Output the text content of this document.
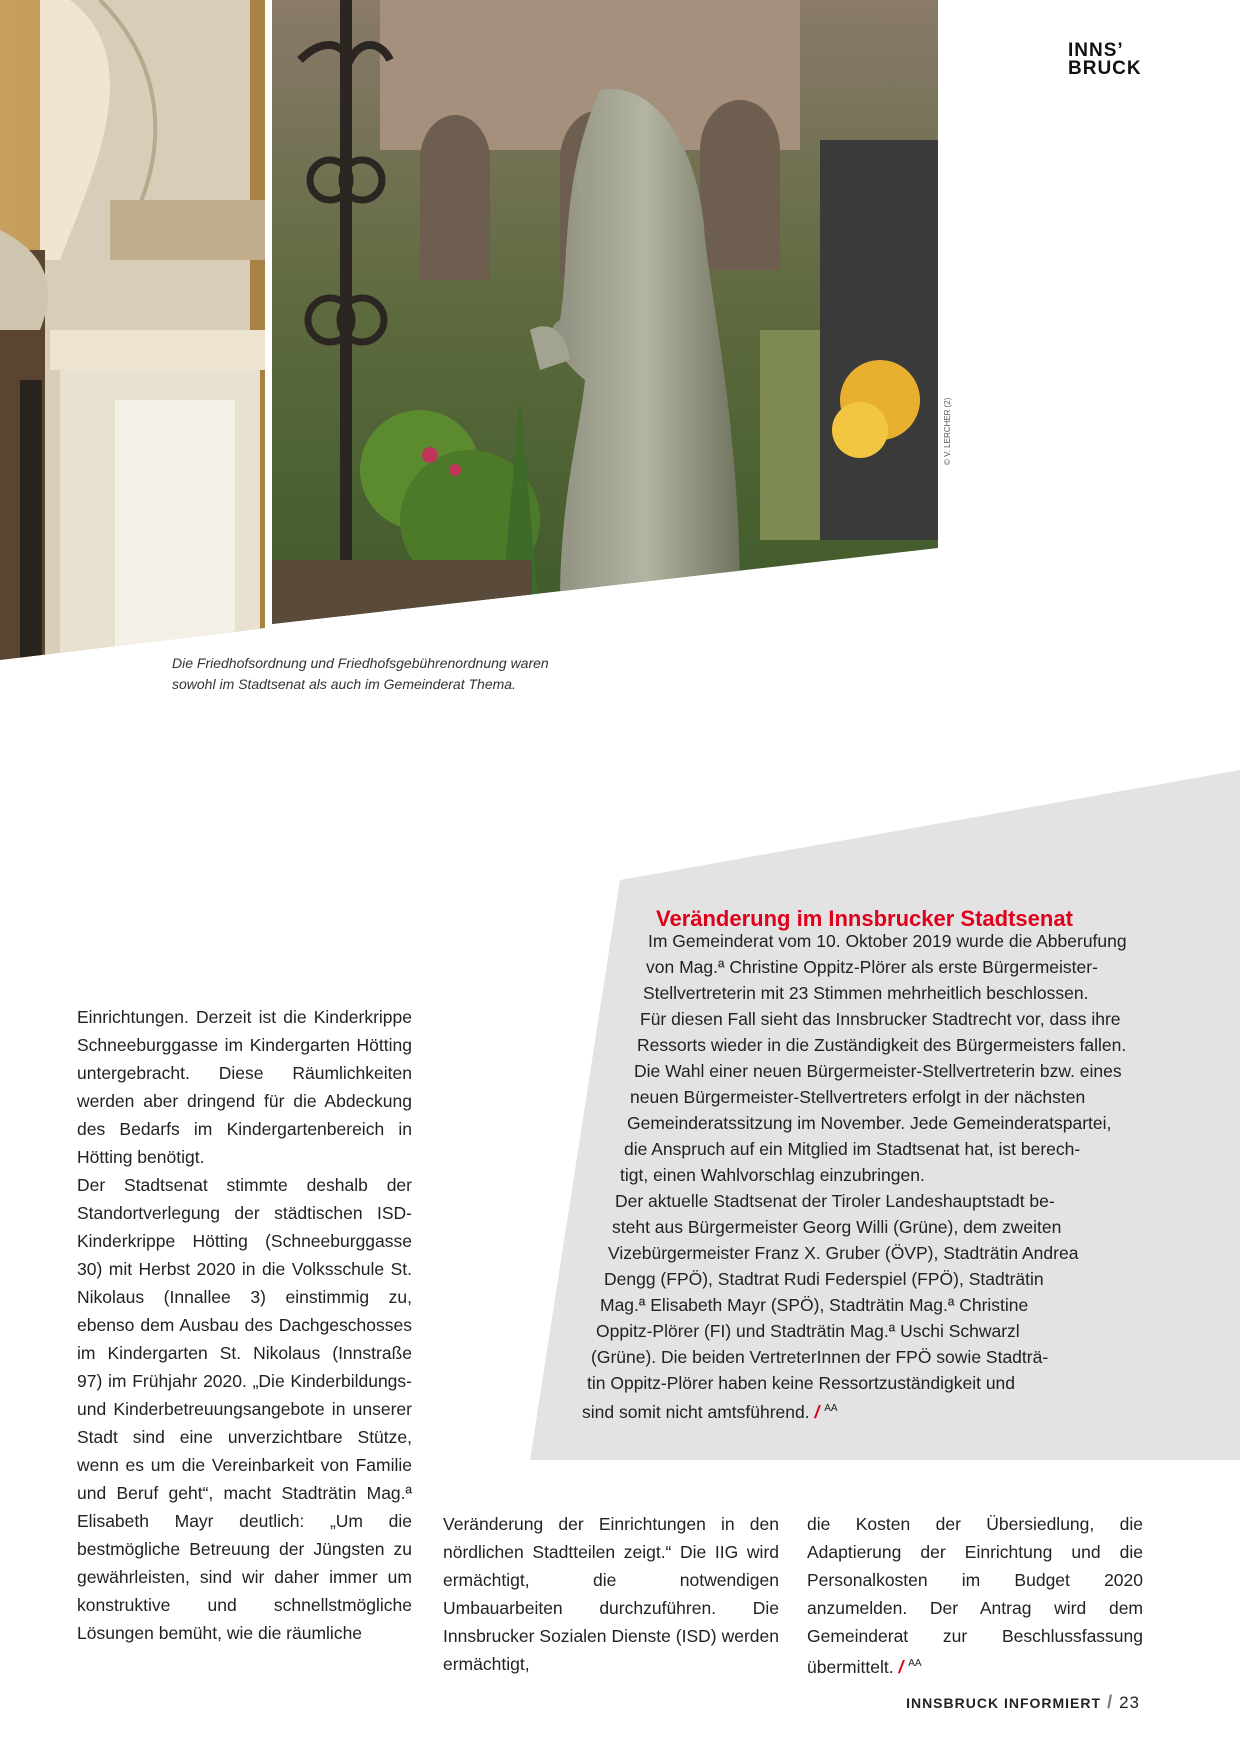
INNS’
BRUCK
© V. LERCHER (2)
Die Friedhofsordnung und Friedhofsgebührenordnung waren
sowohl im Stadtsenat als auch im Gemeinderat Thema.
Veränderung im Innsbrucker Stadtsenat
Im Gemeinderat vom 10. Oktober 2019 wurde die Abberufung
von Mag.ª Christine Oppitz-Plörer als erste Bürgermeister-
Stellvertreterin mit 23 Stimmen mehrheitlich beschlossen.
Für diesen Fall sieht das Innsbrucker Stadtrecht vor, dass ihre
Ressorts wieder in die Zuständigkeit des Bürgermeisters fallen.
Die Wahl einer neuen Bürgermeister-Stellvertreterin bzw. eines
neuen Bürgermeister-Stellvertreters erfolgt in der nächsten
Gemeinderatssitzung im November. Jede Gemeinderatspartei,
die Anspruch auf ein Mitglied im Stadtsenat hat, ist berech-
tigt, einen Wahlvorschlag einzubringen.
Der aktuelle Stadtsenat der Tiroler Landeshauptstadt be-
steht aus Bürgermeister Georg Willi (Grüne), dem zweiten
Vizebürgermeister Franz X. Gruber (ÖVP), Stadträtin Andrea
Dengg (FPÖ), Stadtrat Rudi Federspiel (FPÖ), Stadträtin
Mag.ª Elisabeth Mayr (SPÖ), Stadträtin Mag.ª Christine
Oppitz-Plörer (FI) und Stadträtin Mag.ª Uschi Schwarzl
(Grüne). Die beiden VertreterInnen der FPÖ sowie Stadträ-
tin Oppitz-Plörer haben keine Ressortzuständigkeit und
sind somit nicht amtsführend. / $^{AA}$

Einrichtungen. Derzeit ist die Kinderkrippe Schneeburggasse im Kindergarten Hötting untergebracht. Diese Räumlichkeiten werden aber dringend für die Abdeckung des Bedarfs im Kindergartenbereich in Hötting benötigt.

Der Stadtsenat stimmte deshalb der Standortverlegung der städtischen ISD-Kinderkrippe Hötting (Schneeburggasse 30) mit Herbst 2020 in die Volksschule St. Nikolaus (Innallee 3) einstimmig zu, ebenso dem Ausbau des Dachgeschosses im Kindergarten St. Nikolaus (Innstraße 97) im Frühjahr 2020. „Die Kinderbildungs- und Kinderbetreuungsangebote in unserer Stadt sind eine unverzichtbare Stütze, wenn es um die Vereinbarkeit von Familie und Beruf geht“, macht Stadträtin Mag.ª Elisabeth Mayr deutlich: „Um die bestmögliche Betreuung der Jüngsten zu gewährleisten, sind wir daher immer um konstruktive und schnellstmögliche Lösungen bemüht, wie die räumliche

Veränderung der Einrichtungen in den nördlichen Stadtteilen zeigt.“ Die IIG wird ermächtigt, die notwendigen Umbauarbeiten durchzuführen. Die Innsbrucker Sozialen Dienste (ISD) werden ermächtigt,

die Kosten der Übersiedlung, die Adaptierung der Einrichtung und die Personalkosten im Budget 2020 anzumelden. Der Antrag wird dem Gemeinderat zur Beschlussfassung übermittelt. / $^{AA}$

INNSBRUCK INFORMIERT / 23
